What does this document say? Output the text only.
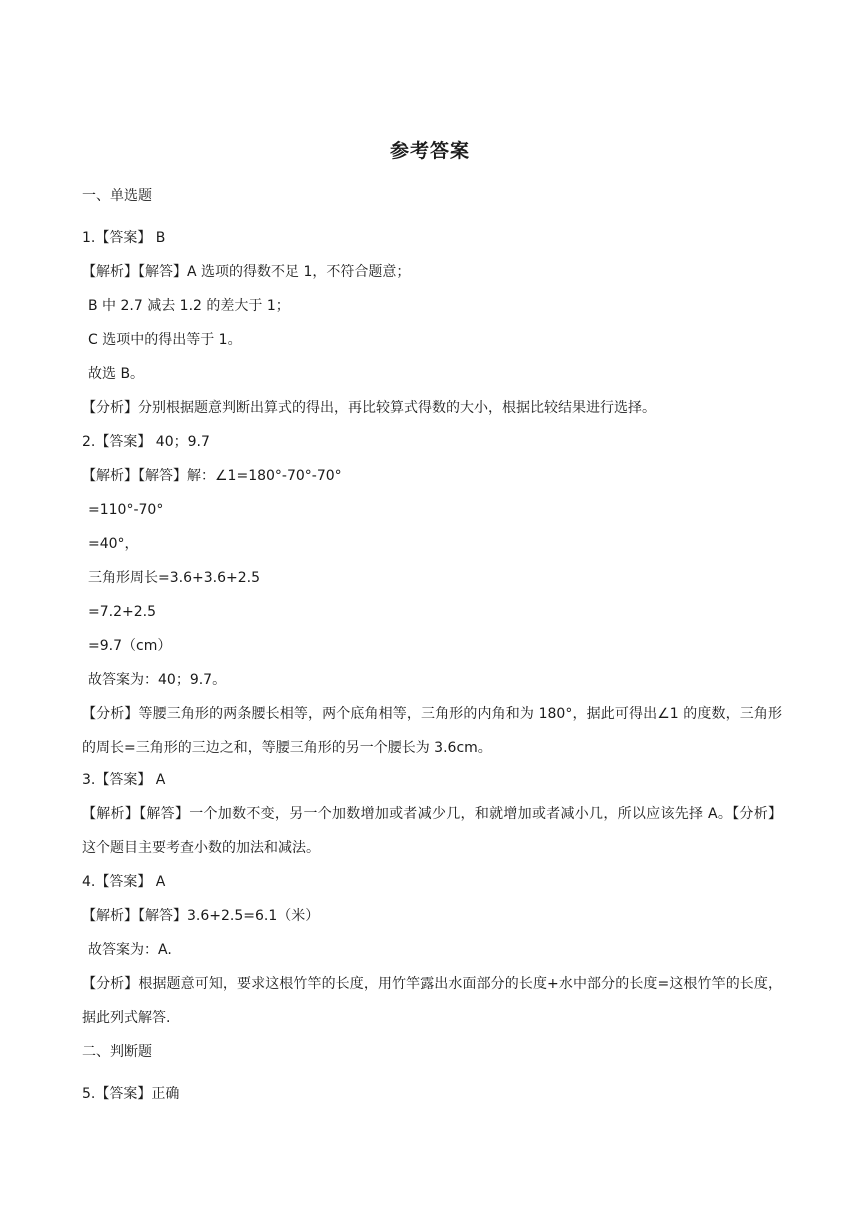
参考答案
一、单选题
1.【答案】 B
【解析】【解答】A 选项的得数不足 1，不符合题意；
B 中 2.7 减去 1.2 的差大于 1；
C 选项中的得出等于 1。
故选 B。
【分析】分别根据题意判断出算式的得出，再比较算式得数的大小，根据比较结果进行选择。
2.【答案】 40；9.7
【解析】【解答】解：∠1=180°-70°-70°
=110°-70°
=40°，
三角形周长=3.6+3.6+2.5
=7.2+2.5
=9.7（cm）
故答案为：40；9.7。
【分析】等腰三角形的两条腰长相等，两个底角相等，三角形的内角和为 180°，据此可得出∠1 的度数，三角形的周长=三角形的三边之和，等腰三角形的另一个腰长为 3.6cm。
3.【答案】 A
【解析】【解答】一个加数不变，另一个加数增加或者减少几，和就增加或者减小几，所以应该先择 A。【分析】这个题目主要考查小数的加法和减法。
4.【答案】 A
【解析】【解答】3.6+2.5=6.1（米）
故答案为：A.
【分析】根据题意可知，要求这根竹竿的长度，用竹竿露出水面部分的长度+水中部分的长度=这根竹竿的长度，据此列式解答.
二、判断题
5.【答案】正确
